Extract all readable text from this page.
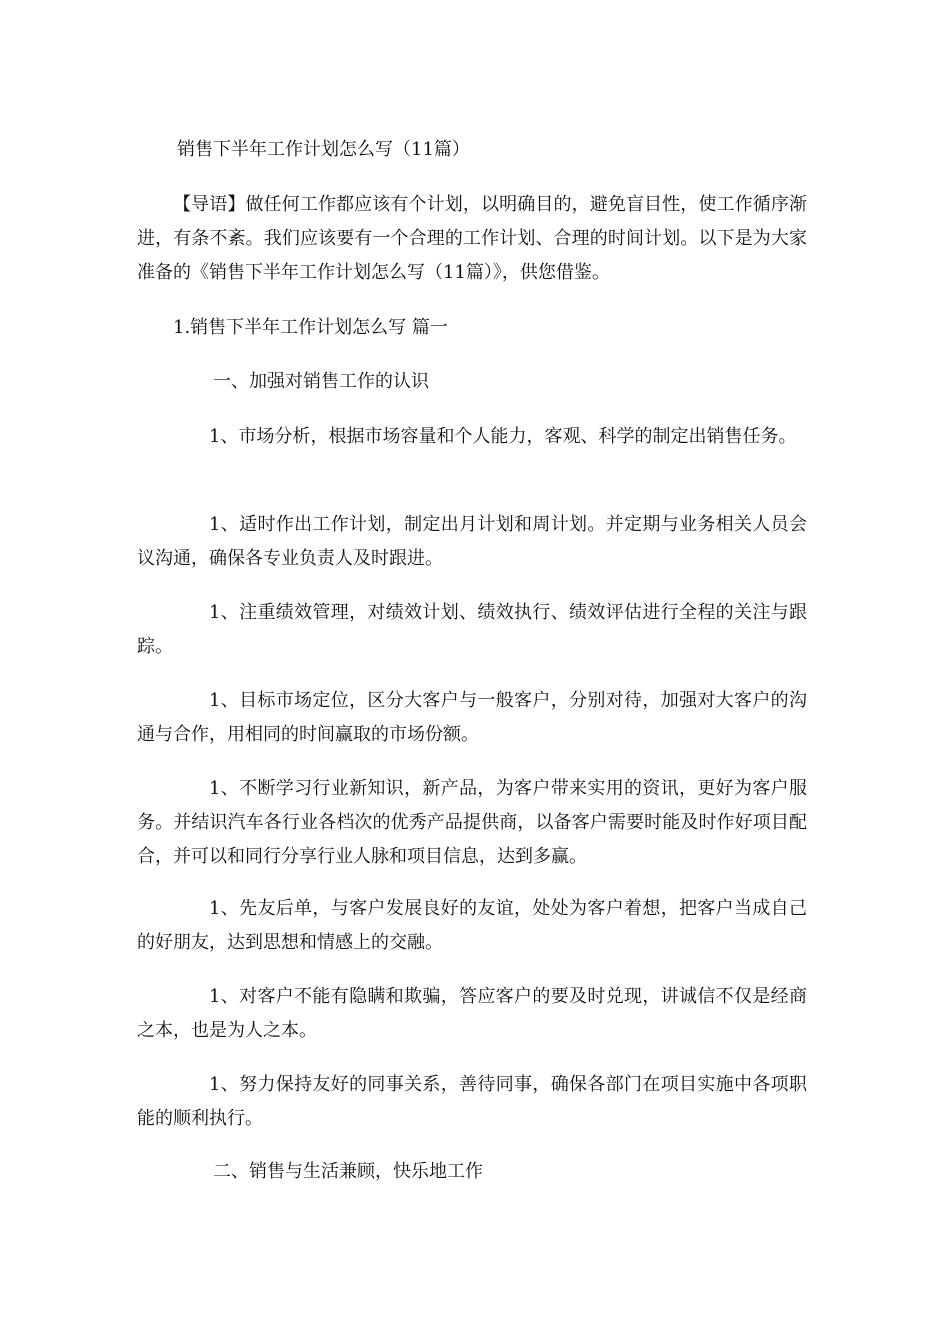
销售下半年工作计划怎么写（11篇）
【导语】做任何工作都应该有个计划，以明确目的，避免盲目性，使工作循序渐进，有条不紊。我们应该要有一个合理的工作计划、合理的时间计划。以下是为大家准备的《销售下半年工作计划怎么写（11篇）》，供您借鉴。
1.销售下半年工作计划怎么写 篇一
一、加强对销售工作的认识
1、市场分析，根据市场容量和个人能力，客观、科学的制定出销售任务。
1、适时作出工作计划，制定出月计划和周计划。并定期与业务相关人员会议沟通，确保各专业负责人及时跟进。
1、注重绩效管理，对绩效计划、绩效执行、绩效评估进行全程的关注与跟踪。
1、目标市场定位，区分大客户与一般客户，分别对待，加强对大客户的沟通与合作，用相同的时间赢取的市场份额。
1、不断学习行业新知识，新产品，为客户带来实用的资讯，更好为客户服务。并结识汽车各行业各档次的优秀产品提供商，以备客户需要时能及时作好项目配合，并可以和同行分享行业人脉和项目信息，达到多赢。
1、先友后单，与客户发展良好的友谊，处处为客户着想，把客户当成自己的好朋友，达到思想和情感上的交融。
1、对客户不能有隐瞒和欺骗，答应客户的要及时兑现，讲诚信不仅是经商之本，也是为人之本。
1、努力保持友好的同事关系，善待同事，确保各部门在项目实施中各项职能的顺利执行。
二、销售与生活兼顾，快乐地工作
